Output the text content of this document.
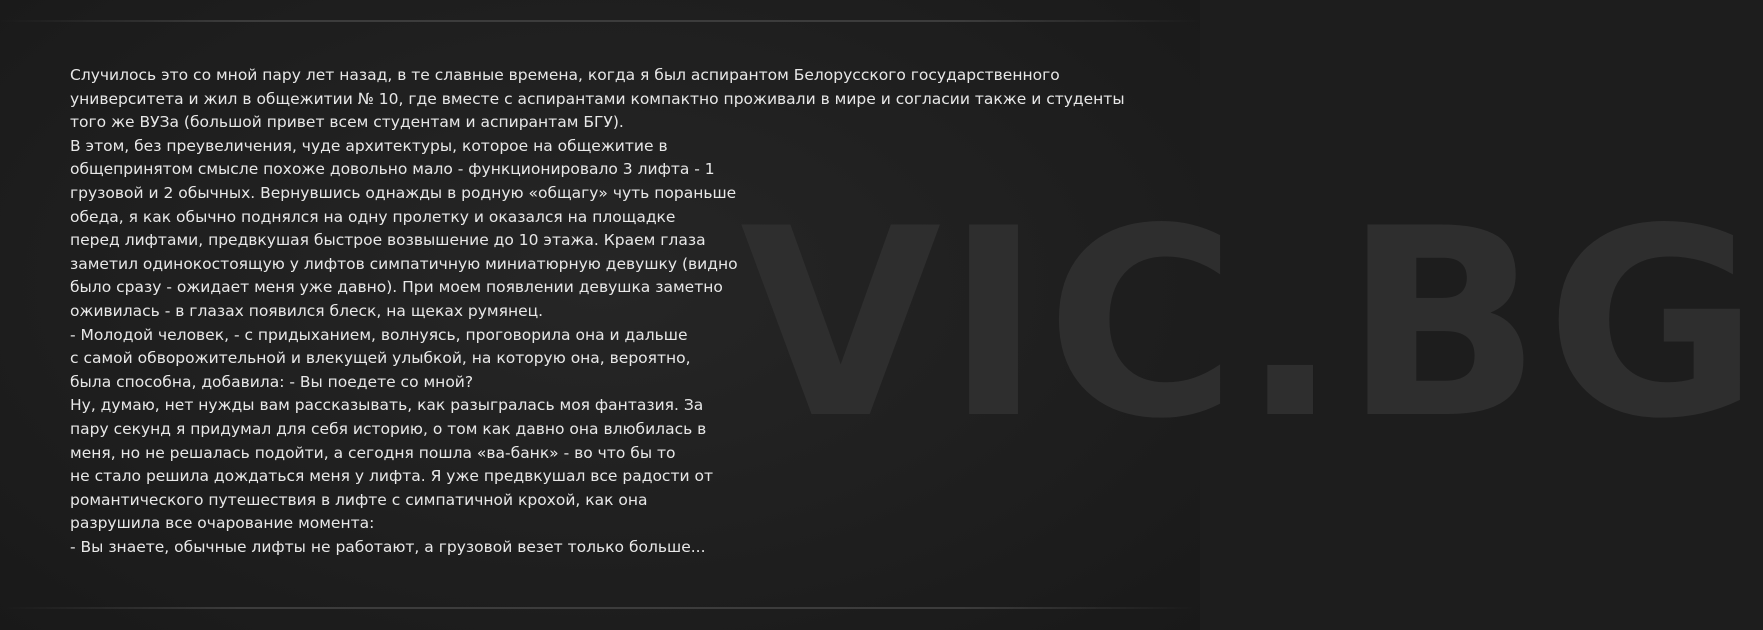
VIC.BG

Случилось это со мной пару лет назад, в те славные времена, когда я был аспирантом Белорусского государственного

университета и жил в общежитии № 10, где вместе с аспирантами компактно проживали в мире и согласии также и студенты

того же ВУЗа (большой привет всем студентам и аспирантам БГУ).

В этом, без преувеличения, чуде архитектуры, которое на общежитие в

общепринятом смысле похоже довольно мало - функционировало 3 лифта - 1

грузовой и 2 обычных. Вернувшись однажды в родную «общагу» чуть пораньше

обеда, я как обычно поднялся на одну пролетку и оказался на площадке

перед лифтами, предвкушая быстрое возвышение до 10 этажа. Краем глаза

заметил одинокостоящую у лифтов симпатичную миниатюрную девушку (видно

было сразу - ожидает меня уже давно). При моем появлении девушка заметно

оживилась - в глазах появился блеск, на щеках румянец.

- Молодой человек, - с придыханием, волнуясь, проговорила она и дальше

с самой обворожительной и влекущей улыбкой, на которую она, вероятно,

была способна, добавила: - Вы поедете со мной?

Ну, думаю, нет нужды вам рассказывать, как разыгралась моя фантазия. За

пару секунд я придумал для себя историю, о том как давно она влюбилась в

меня, но не решалась подойти, а сегодня пошла «ва-банк» - во что бы то

не стало решила дождаться меня у лифта. Я уже предвкушал все радости от

романтического путешествия в лифте с симпатичной крохой, как она

разрушила все очарование момента:

- Вы знаете, обычные лифты не работают, а грузовой везет только больше...
